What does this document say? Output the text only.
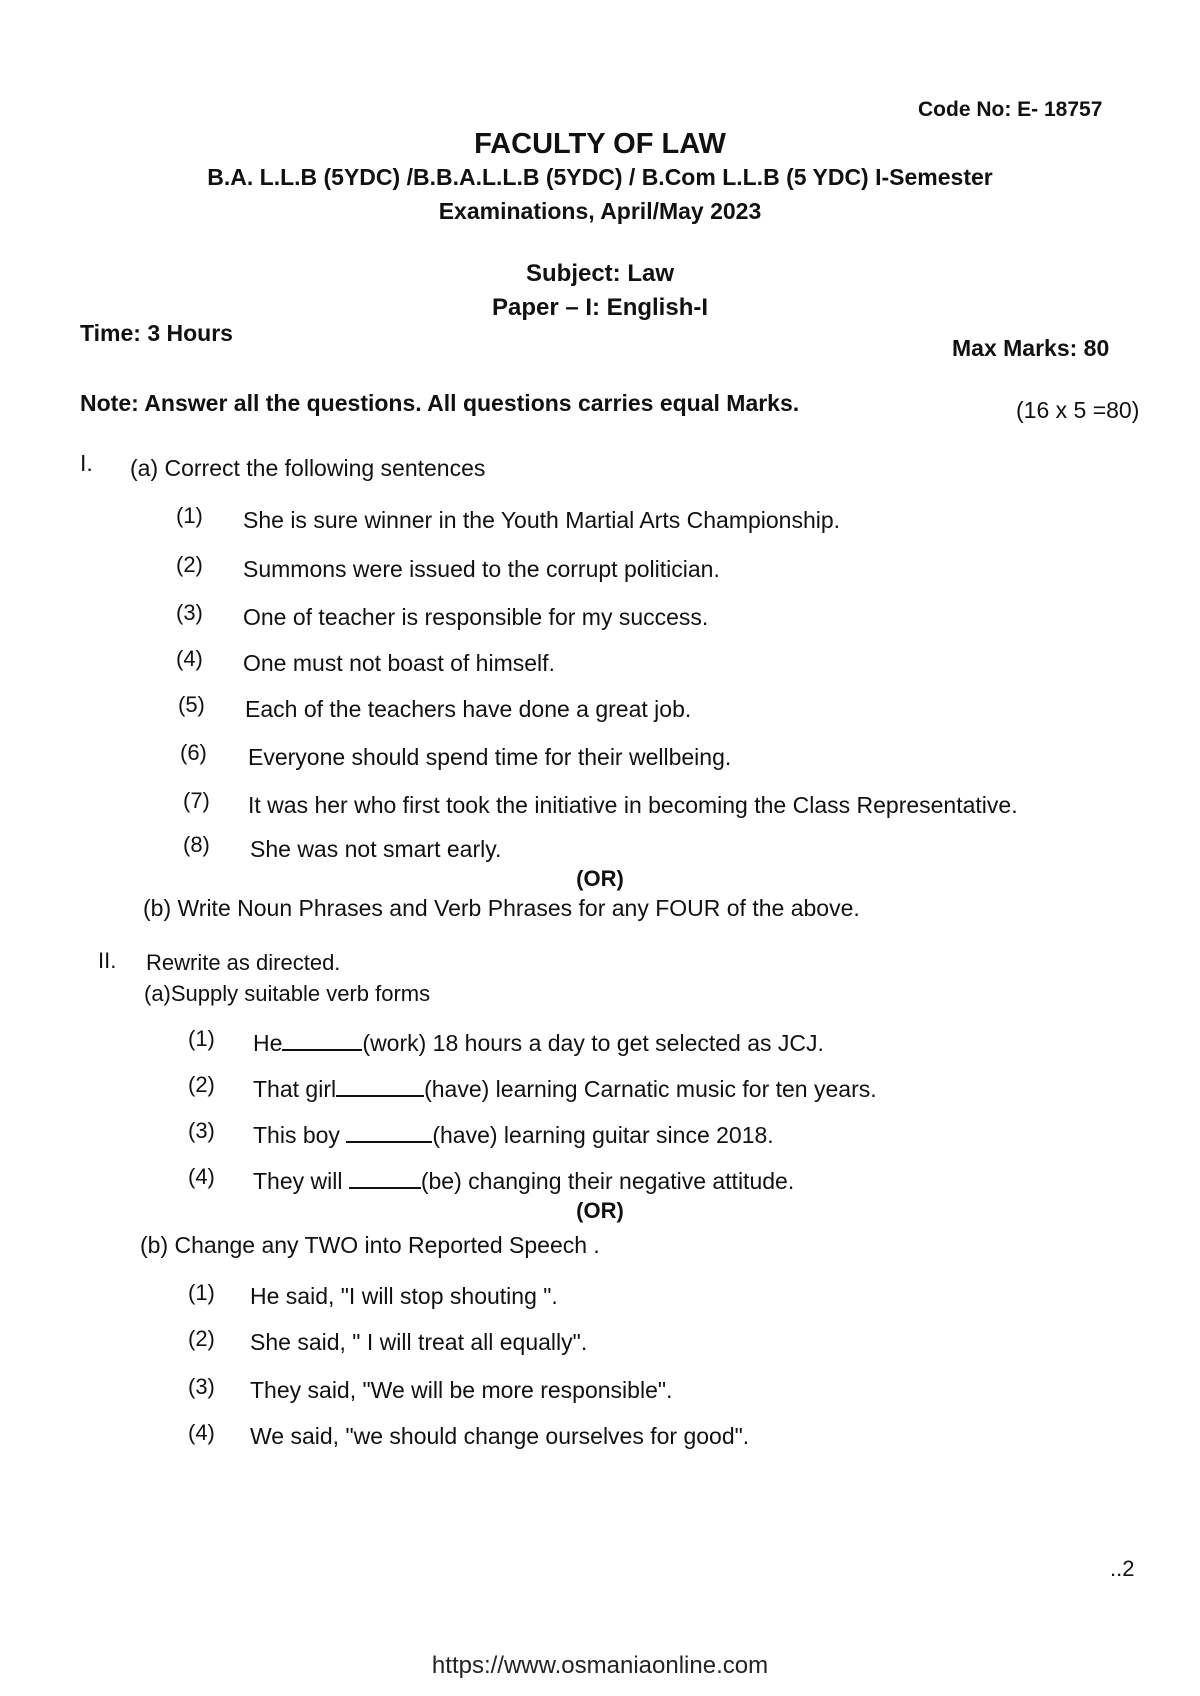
Code No: E- 18757
FACULTY OF LAW
B.A. L.L.B (5YDC) /B.B.A.L.L.B (5YDC) / B.Com L.L.B (5 YDC) I-Semester
Examinations, April/May 2023
Subject: Law
Paper – I: English-I
Time: 3 Hours
Max Marks: 80
Note: Answer all the questions. All questions carries equal Marks.	(16 x 5 =80)
I. (a) Correct the following sentences
(1) She is sure winner in the Youth Martial Arts Championship.
(2) Summons were issued to the corrupt politician.
(3) One of teacher is responsible for my success.
(4) One must not boast of himself.
(5) Each of the teachers have done a great job.
(6) Everyone should spend time for their wellbeing.
(7) It was her who first took the initiative in becoming the Class Representative.
(8) She was not smart early.
(OR)
(b) Write Noun Phrases and Verb Phrases for any FOUR of the above.
II. Rewrite as directed.
(a)Supply suitable verb forms
(1) He	(work) 18 hours a day to get selected as JCJ.
(2) That girl	(have) learning Carnatic music for ten years.
(3) This boy	(have) learning guitar since 2018.
(4) They will	(be) changing their negative attitude.
(OR)
(b) Change any TWO into Reported Speech .
(1) He said, "I will stop shouting ".
(2) She said, " I will treat all equally".
(3) They said, "We will be more responsible".
(4) We said, "we should change ourselves for good".
..2
https://www.osmaniaonline.com
